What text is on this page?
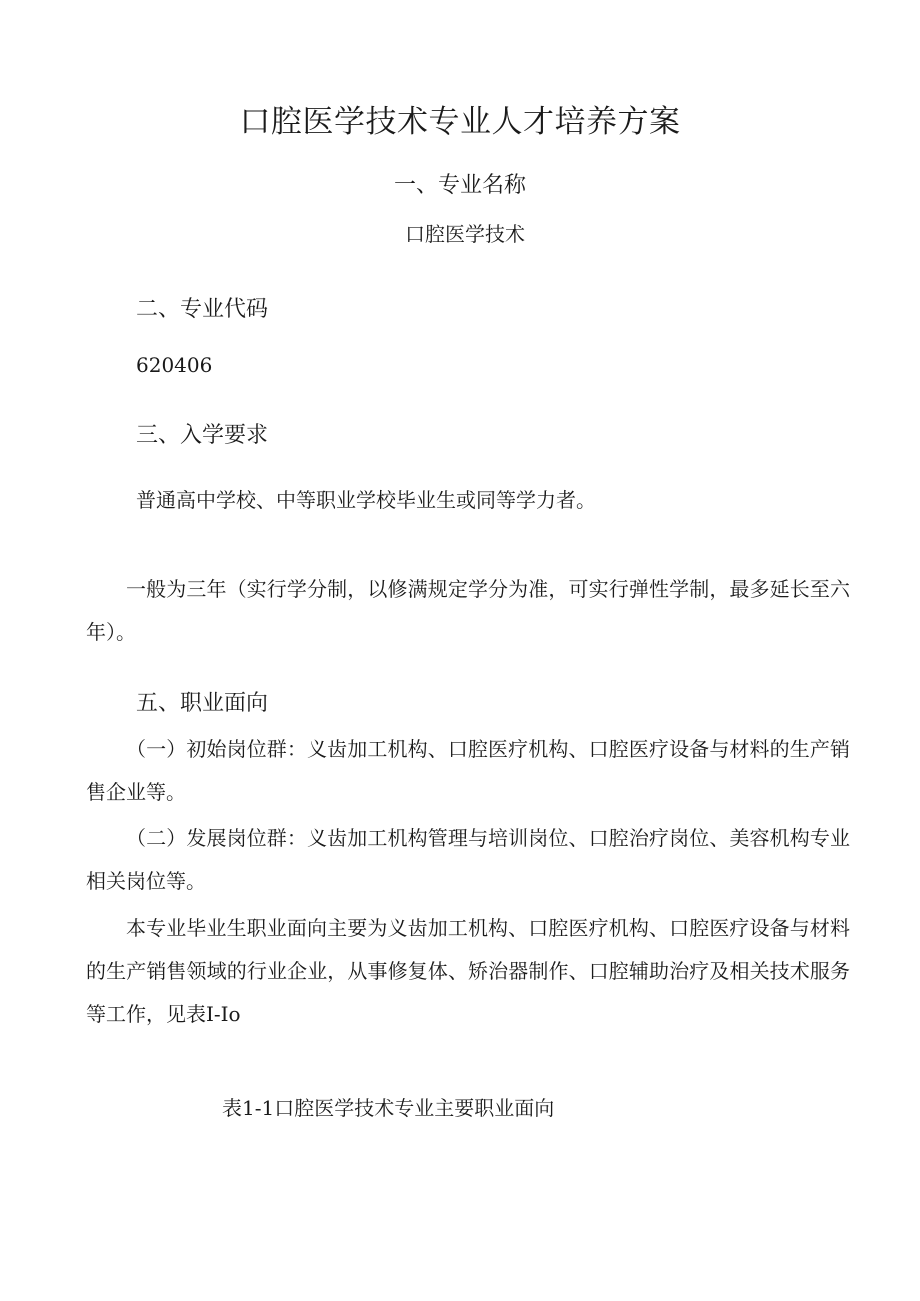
口腔医学技术专业人才培养方案
一、专业名称
口腔医学技术
二、专业代码
620406
三、入学要求
普通高中学校、中等职业学校毕业生或同等学力者。
一般为三年（实行学分制，以修满规定学分为准，可实行弹性学制，最多延长至六年）。
五、职业面向
（一）初始岗位群：义齿加工机构、口腔医疗机构、口腔医疗设备与材料的生产销售企业等。
（二）发展岗位群：义齿加工机构管理与培训岗位、口腔治疗岗位、美容机构专业相关岗位等。
本专业毕业生职业面向主要为义齿加工机构、口腔医疗机构、口腔医疗设备与材料的生产销售领域的行业企业，从事修复体、矫治器制作、口腔辅助治疗及相关技术服务等工作，见表I-Io
表1-1口腔医学技术专业主要职业面向
